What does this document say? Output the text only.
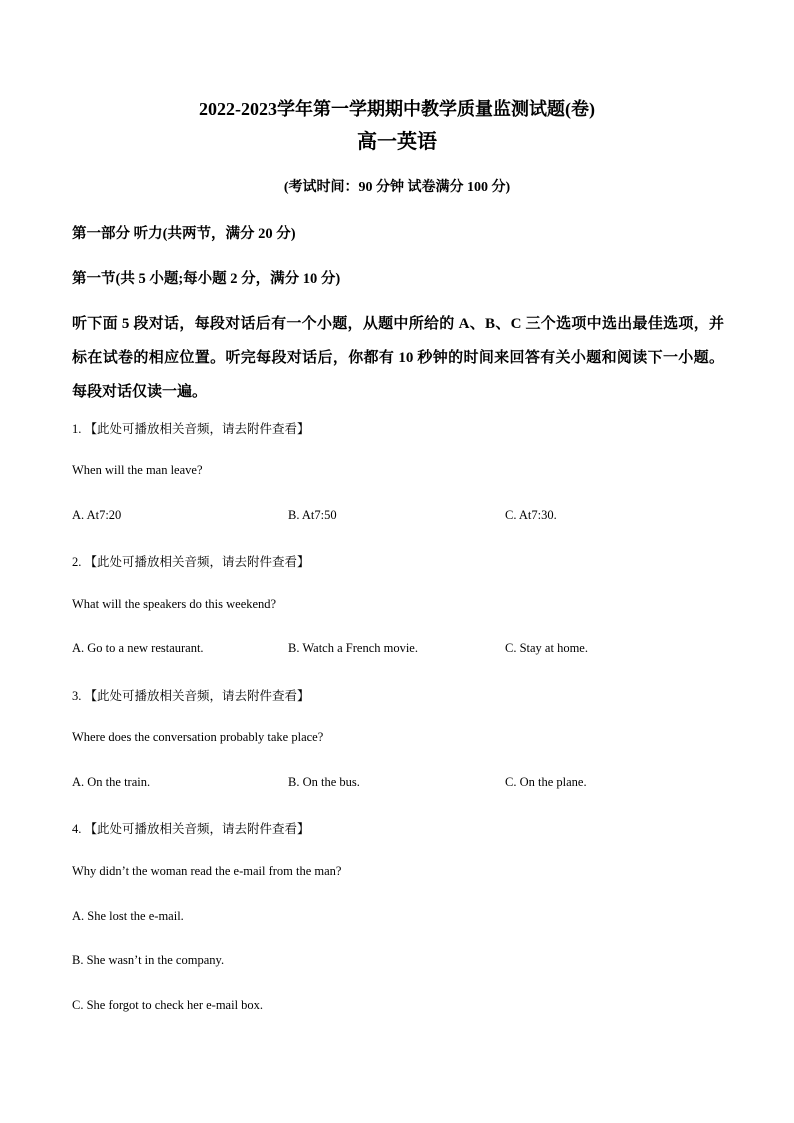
2022-2023学年第一学期期中教学质量监测试题(卷)
高一英语
(考试时间：90 分钟 试卷满分 100 分)
第一部分 听力(共两节，满分 20 分)
第一节(共 5 小题;每小题 2 分，满分 10 分)
听下面 5 段对话，每段对话后有一个小题，从题中所给的 A、B、C 三个选项中选出最佳选项，并标在试卷的相应位置。听完每段对话后，你都有 10 秒钟的时间来回答有关小题和阅读下一小题。每段对话仅读一遍。
1. 【此处可播放相关音频，请去附件查看】
When will the man leave?
A. At7:20	B. At7:50	C. At7:30.
2. 【此处可播放相关音频，请去附件查看】
What will the speakers do this weekend?
A. Go to a new restaurant.	B. Watch a French movie.	C. Stay at home.
3. 【此处可播放相关音频，请去附件查看】
Where does the conversation probably take place?
A. On the train.	B. On the bus.	C. On the plane.
4. 【此处可播放相关音频，请去附件查看】
Why didn’t the woman read the e-mail from the man?
A. She lost the e-mail.
B. She wasn’t in the company.
C. She forgot to check her e-mail box.
